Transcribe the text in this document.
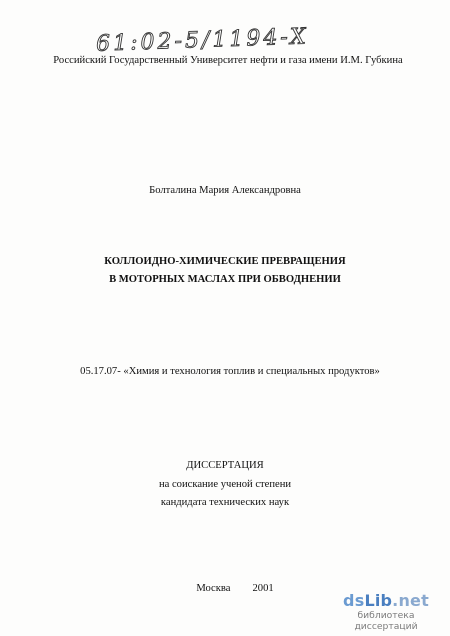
61:02-5/1194-X
Российский Государственный Университет нефти и газа имени И.М. Губкина
Болталина Мария Александровна
КОЛЛОИДНО-ХИМИЧЕСКИЕ ПРЕВРАЩЕНИЯ
В МОТОРНЫХ МАСЛАХ ПРИ ОБВОДНЕНИИ
05.17.07- «Химия и технология топлив и специальных продуктов»
ДИССЕРТАЦИЯ
на соискание ученой степени
кандидата технических наук
Москва 2001
dsLib.net
библиотека диссертаций
